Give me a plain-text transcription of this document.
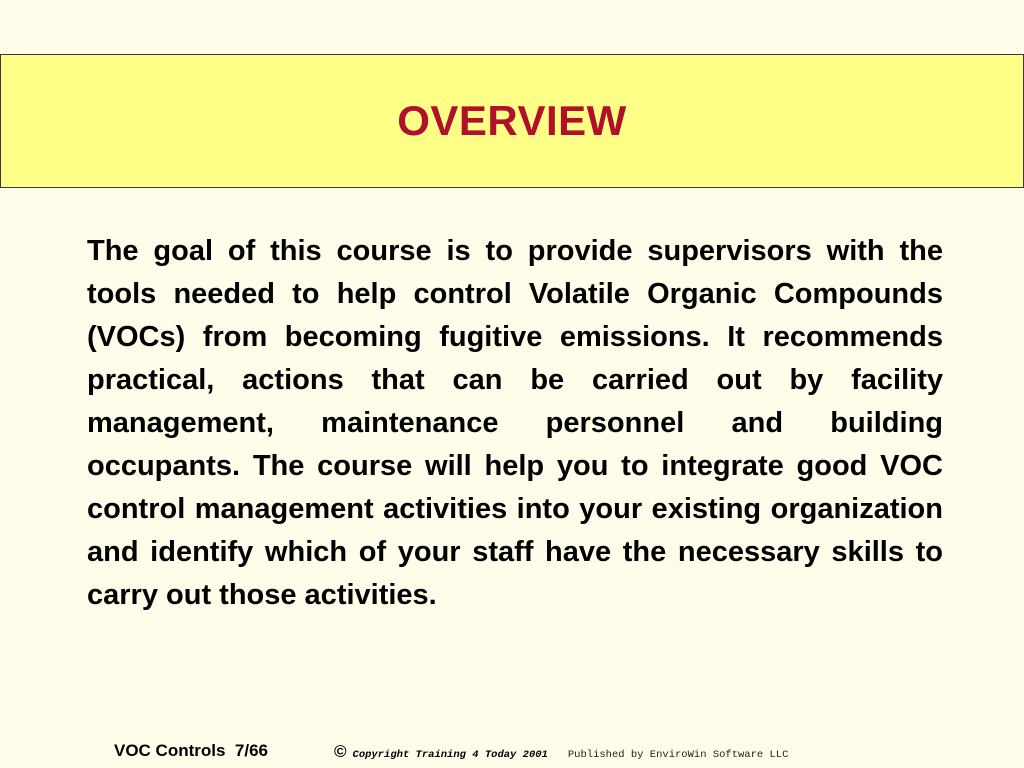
OVERVIEW

The goal of this course is to provide supervisors with the tools needed to help control Volatile Organic Compounds (VOCs) from becoming fugitive emissions. It recommends practical, actions that can be carried out by facility management, maintenance personnel and building occupants. The course will help you to integrate good VOC control management activities into your existing organization and identify which of your staff have the necessary skills to carry out those activities.

VOC Controls  7/66	© Copyright Training 4 Today 2001 Published by EnviroWin Software LLC
